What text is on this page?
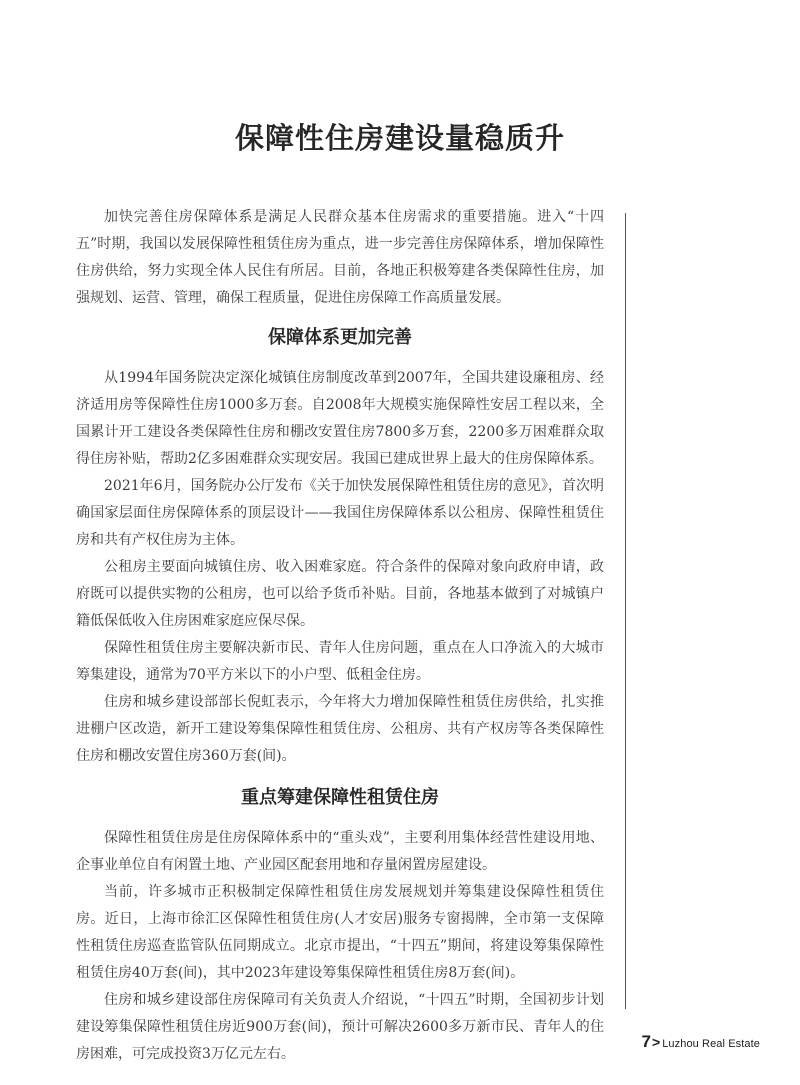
保障性住房建设量稳质升

加快完善住房保障体系是满足人民群众基本住房需求的重要措施。进入“十四五”时期，我国以发展保障性租赁住房为重点，进一步完善住房保障体系，增加保障性住房供给，努力实现全体人民住有所居。目前，各地正积极筹建各类保障性住房，加强规划、运营、管理，确保工程质量，促进住房保障工作高质量发展。

保障体系更加完善

从1994年国务院决定深化城镇住房制度改革到2007年，全国共建设廉租房、经济适用房等保障性住房1000多万套。自2008年大规模实施保障性安居工程以来，全国累计开工建设各类保障性住房和棚改安置住房7800多万套，2200多万困难群众取得住房补贴，帮助2亿多困难群众实现安居。我国已建成世界上最大的住房保障体系。

2021年6月，国务院办公厅发布《关于加快发展保障性租赁住房的意见》，首次明确国家层面住房保障体系的顶层设计——我国住房保障体系以公租房、保障性租赁住房和共有产权住房为主体。

公租房主要面向城镇住房、收入困难家庭。符合条件的保障对象向政府申请，政府既可以提供实物的公租房，也可以给予货币补贴。目前，各地基本做到了对城镇户籍低保低收入住房困难家庭应保尽保。

保障性租赁住房主要解决新市民、青年人住房问题，重点在人口净流入的大城市筹集建设，通常为70平方米以下的小户型、低租金住房。

住房和城乡建设部部长倪虹表示，今年将大力增加保障性租赁住房供给，扎实推进棚户区改造，新开工建设筹集保障性租赁住房、公租房、共有产权房等各类保障性住房和棚改安置住房360万套(间)。

重点筹建保障性租赁住房

保障性租赁住房是住房保障体系中的“重头戏”，主要利用集体经营性建设用地、企事业单位自有闲置土地、产业园区配套用地和存量闲置房屋建设。

当前，许多城市正积极制定保障性租赁住房发展规划并筹集建设保障性租赁住房。近日，上海市徐汇区保障性租赁住房(人才安居)服务专窗揭牌，全市第一支保障性租赁住房巡查监管队伍同期成立。北京市提出，“十四五”期间，将建设筹集保障性租赁住房40万套(间)，其中2023年建设筹集保障性租赁住房8万套(间)。

住房和城乡建设部住房保障司有关负责人介绍说，“十四五”时期，全国初步计划建设筹集保障性租赁住房近900万套(间)，预计可解决2600多万新市民、青年人的住房困难，可完成投资3万亿元左右。

7 > Luzhou Real Estate
